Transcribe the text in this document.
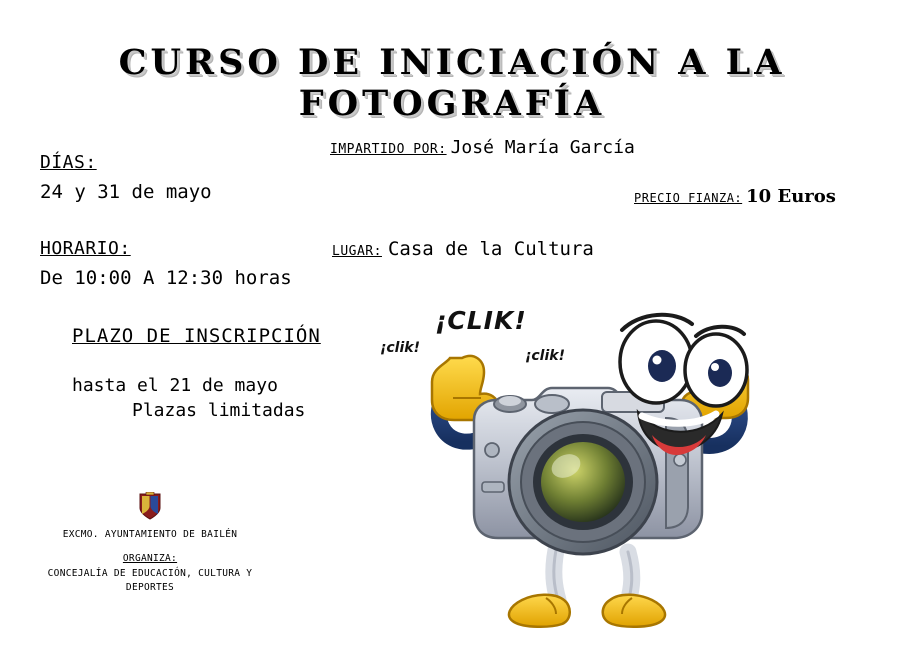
CURSO DE INICIACIÓN A LA
FOTOGRAFÍA
IMPARTIDO POR: José María García
PRECIO FIANZA: 10 Euros
DÍAS:
24 y 31 de mayo
HORARIO:
De 10:00 A 12:30 horas
LUGAR: Casa de la Cultura
PLAZO DE INSCRIPCIÓN
hasta el 21 de mayo
Plazas limitadas
EXCMO. AYUNTAMIENTO DE BAILÉN
ORGANIZA:
CONCEJALÍA DE EDUCACIÓN, CULTURA Y
DEPORTES
¡CLIK!
¡clik!	¡clik!
